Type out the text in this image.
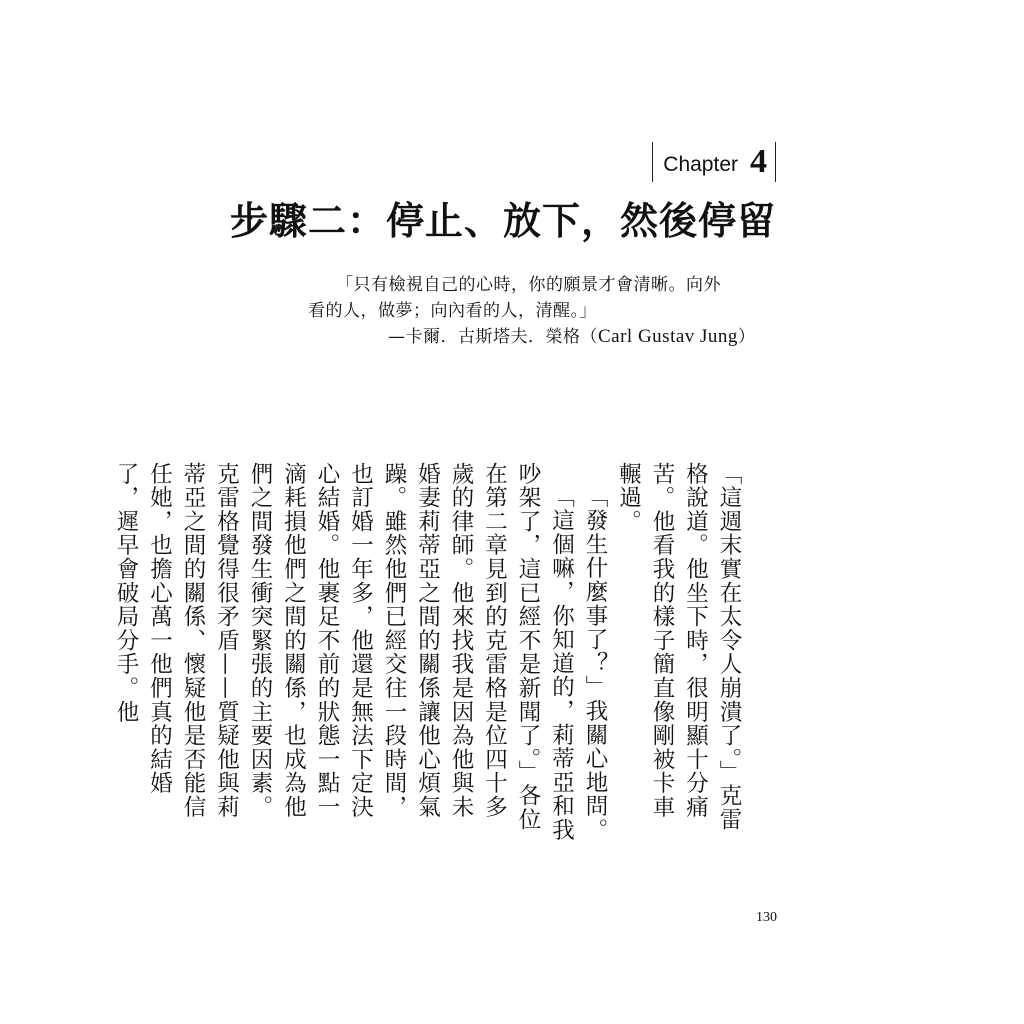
Chapter 4
步驟二：停止、放下，然後停留
「只有檢視自己的心時，你的願景才會清晰。向外
看的人，做夢；向內看的人，清醒。」
—卡爾．古斯塔夫．榮格（Carl Gustav Jung）

「這週末實在太令人崩潰了。」克雷格說道。他坐下時，很明顯十分痛苦。他看我的樣子簡直像剛被卡車輾過。

「發生什麼事了？」我關心地問。

「這個嘛，你知道的，莉蒂亞和我吵架了，這已經不是新聞了。」各位在第二章見到的克雷格是位四十多歲的律師。他來找我是因為他與未婚妻莉蒂亞之間的關係讓他心煩氣躁。雖然他們已經交往一段時間，也訂婚一年多，他還是無法下定決心結婚。他裹足不前的狀態一點一滴耗損他們之間的關係，也成為他們之間發生衝突緊張的主要因素。克雷格覺得很矛盾——質疑他與莉蒂亞之間的關係、懷疑他是否能信任她，也擔心萬一他們真的結婚了，遲早會破局分手。他

130
